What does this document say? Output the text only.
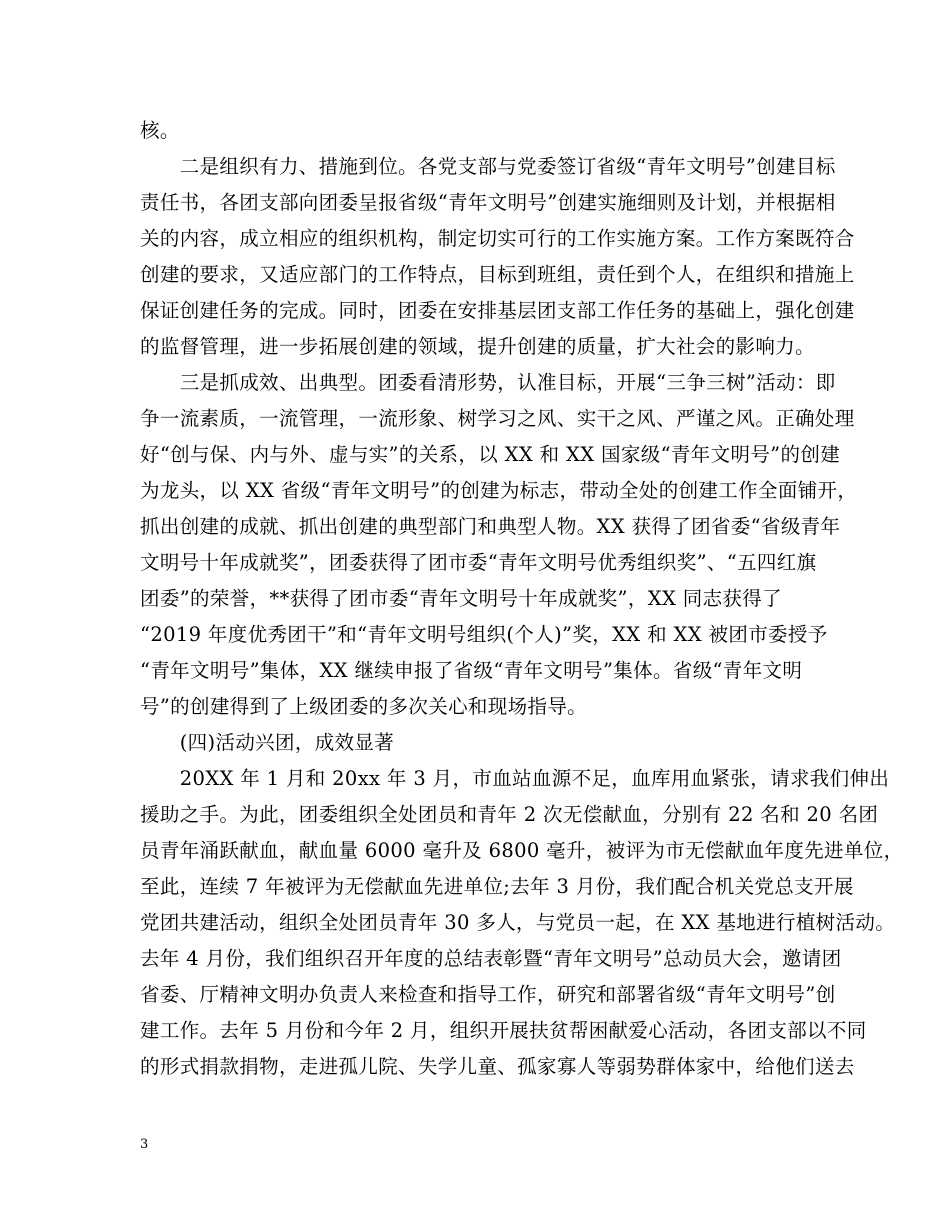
核。
　　二是组织有力、措施到位。各党支部与党委签订省级“青年文明号”创建目标
责任书，各团支部向团委呈报省级“青年文明号”创建实施细则及计划，并根据相
关的内容，成立相应的组织机构，制定切实可行的工作实施方案。工作方案既符合
创建的要求，又适应部门的工作特点，目标到班组，责任到个人，在组织和措施上
保证创建任务的完成。同时，团委在安排基层团支部工作任务的基础上，强化创建
的监督管理，进一步拓展创建的领域，提升创建的质量，扩大社会的影响力。
　　三是抓成效、出典型。团委看清形势，认准目标，开展“三争三树”活动：即
争一流素质，一流管理，一流形象、树学习之风、实干之风、严谨之风。正确处理
好“创与保、内与外、虚与实”的关系，以 XX 和 XX 国家级“青年文明号”的创建
为龙头，以 XX 省级“青年文明号”的创建为标志，带动全处的创建工作全面铺开，
抓出创建的成就、抓出创建的典型部门和典型人物。XX 获得了团省委“省级青年
文明号十年成就奖”，团委获得了团市委“青年文明号优秀组织奖”、“五四红旗
团委”的荣誉，**获得了团市委“青年文明号十年成就奖”，XX 同志获得了
“2019 年度优秀团干”和“青年文明号组织(个人)”奖，XX 和 XX 被团市委授予
“青年文明号”集体，XX 继续申报了省级“青年文明号”集体。省级“青年文明
号”的创建得到了上级团委的多次关心和现场指导。
　　(四)活动兴团，成效显著
　　20XX 年 1 月和 20xx 年 3 月，市血站血源不足，血库用血紧张，请求我们伸出
援助之手。为此，团委组织全处团员和青年 2 次无偿献血，分别有 22 名和 20 名团
员青年涌跃献血，献血量 6000 毫升及 6800 毫升，被评为市无偿献血年度先进单位，
至此，连续 7 年被评为无偿献血先进单位;去年 3 月份，我们配合机关党总支开展
党团共建活动，组织全处团员青年 30 多人，与党员一起，在 XX 基地进行植树活动。
去年 4 月份，我们组织召开年度的总结表彰暨“青年文明号”总动员大会，邀请团
省委、厅精神文明办负责人来检查和指导工作，研究和部署省级“青年文明号”创
建工作。去年 5 月份和今年 2 月，组织开展扶贫帮困献爱心活动，各团支部以不同
的形式捐款捐物，走进孤儿院、失学儿童、孤家寡人等弱势群体家中，给他们送去
3
